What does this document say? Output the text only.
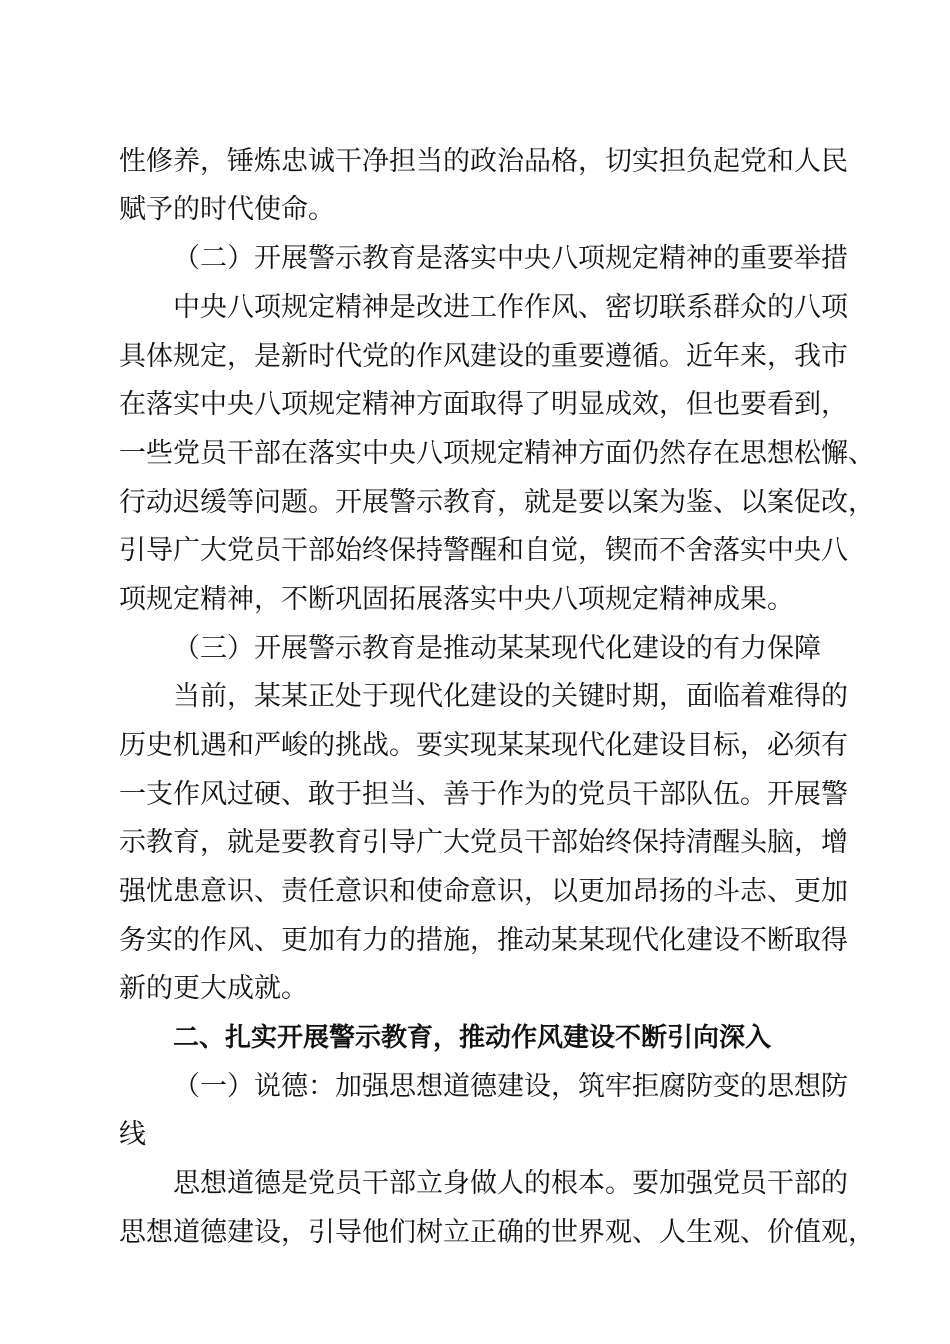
性修养，锤炼忠诚干净担当的政治品格，切实担负起党和人民
赋予的时代使命。
（二）开展警示教育是落实中央八项规定精神的重要举措
中央八项规定精神是改进工作作风、密切联系群众的八项
具体规定，是新时代党的作风建设的重要遵循。近年来，我市
在落实中央八项规定精神方面取得了明显成效，但也要看到，
一些党员干部在落实中央八项规定精神方面仍然存在思想松懈、
行动迟缓等问题。开展警示教育，就是要以案为鉴、以案促改，
引导广大党员干部始终保持警醒和自觉，锲而不舍落实中央八
项规定精神，不断巩固拓展落实中央八项规定精神成果。
（三）开展警示教育是推动某某现代化建设的有力保障
当前，某某正处于现代化建设的关键时期，面临着难得的
历史机遇和严峻的挑战。要实现某某现代化建设目标，必须有
一支作风过硬、敢于担当、善于作为的党员干部队伍。开展警
示教育，就是要教育引导广大党员干部始终保持清醒头脑，增
强忧患意识、责任意识和使命意识，以更加昂扬的斗志、更加
务实的作风、更加有力的措施，推动某某现代化建设不断取得
新的更大成就。
二、扎实开展警示教育，推动作风建设不断引向深入
（一）说德：加强思想道德建设，筑牢拒腐防变的思想防
线
思想道德是党员干部立身做人的根本。要加强党员干部的
思想道德建设，引导他们树立正确的世界观、人生观、价值观，
